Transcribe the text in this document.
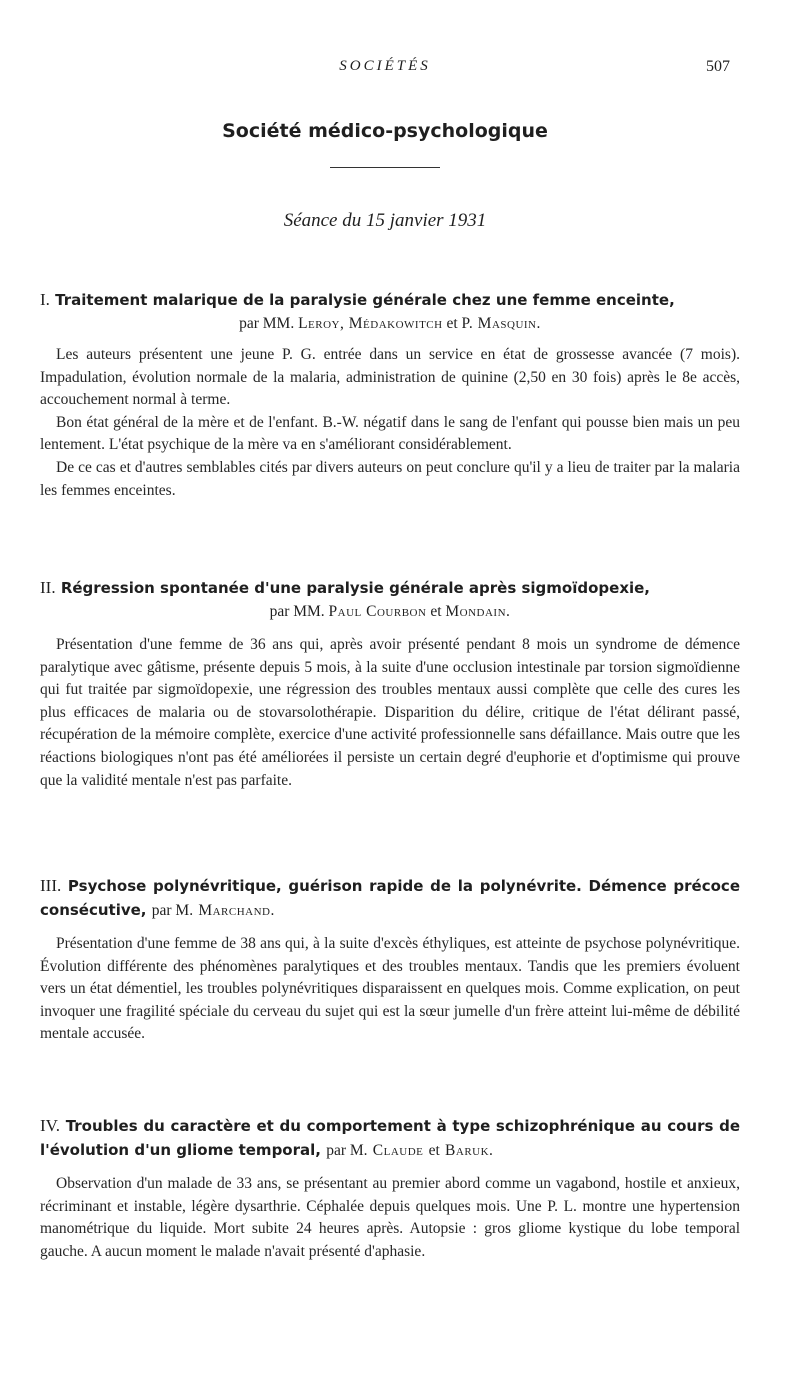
SOCIÉTÉS	507
Société médico-psychologique
Séance du 15 janvier 1931
I. Traitement malarique de la paralysie générale chez une femme enceinte,
par MM. Leroy, Médakowitch et P. Masquin.

Les auteurs présentent une jeune P. G. entrée dans un service en état de grossesse avancée (7 mois). Impadulation, évolution normale de la malaria, administration de quinine (2,50 en 30 fois) après le 8e accès, accouchement normal à terme.

Bon état général de la mère et de l'enfant. B.-W. négatif dans le sang de l'enfant qui pousse bien mais un peu lentement. L'état psychique de la mère va en s'améliorant considérablement.

De ce cas et d'autres semblables cités par divers auteurs on peut conclure qu'il y a lieu de traiter par la malaria les femmes enceintes.

II. Régression spontanée d'une paralysie générale après sigmoïdopexie,
par MM. Paul Courbon et Mondain.

Présentation d'une femme de 36 ans qui, après avoir présenté pendant 8 mois un syndrome de démence paralytique avec gâtisme, présente depuis 5 mois, à la suite d'une occlusion intestinale par torsion sigmoïdienne qui fut traitée par sigmoïdopexie, une régression des troubles mentaux aussi complète que celle des cures les plus efficaces de malaria ou de stovarsolothérapie. Disparition du délire, critique de l'état délirant passé, récupération de la mémoire complète, exercice d'une activité professionnelle sans défaillance. Mais outre que les réactions biologiques n'ont pas été améliorées il persiste un certain degré d'euphorie et d'optimisme qui prouve que la validité mentale n'est pas parfaite.

III. Psychose polynévritique, guérison rapide de la polynévrite. Démence précoce consécutive, par M. Marchand.

Présentation d'une femme de 38 ans qui, à la suite d'excès éthyliques, est atteinte de psychose polynévritique. Évolution différente des phénomènes paralytiques et des troubles mentaux. Tandis que les premiers évoluent vers un état démentiel, les troubles polynévritiques disparaissent en quelques mois. Comme explication, on peut invoquer une fragilité spéciale du cerveau du sujet qui est la sœur jumelle d'un frère atteint lui-même de débilité mentale accusée.

IV. Troubles du caractère et du comportement à type schizophrénique au cours de l'évolution d'un gliome temporal, par M. Claude et Baruk.

Observation d'un malade de 33 ans, se présentant au premier abord comme un vagabond, hostile et anxieux, récriminant et instable, légère dysarthrie. Céphalée depuis quelques mois. Une P. L. montre une hypertension manométrique du liquide. Mort subite 24 heures après. Autopsie : gros gliome kystique du lobe temporal gauche. A aucun moment le malade n'avait présenté d'aphasie.
